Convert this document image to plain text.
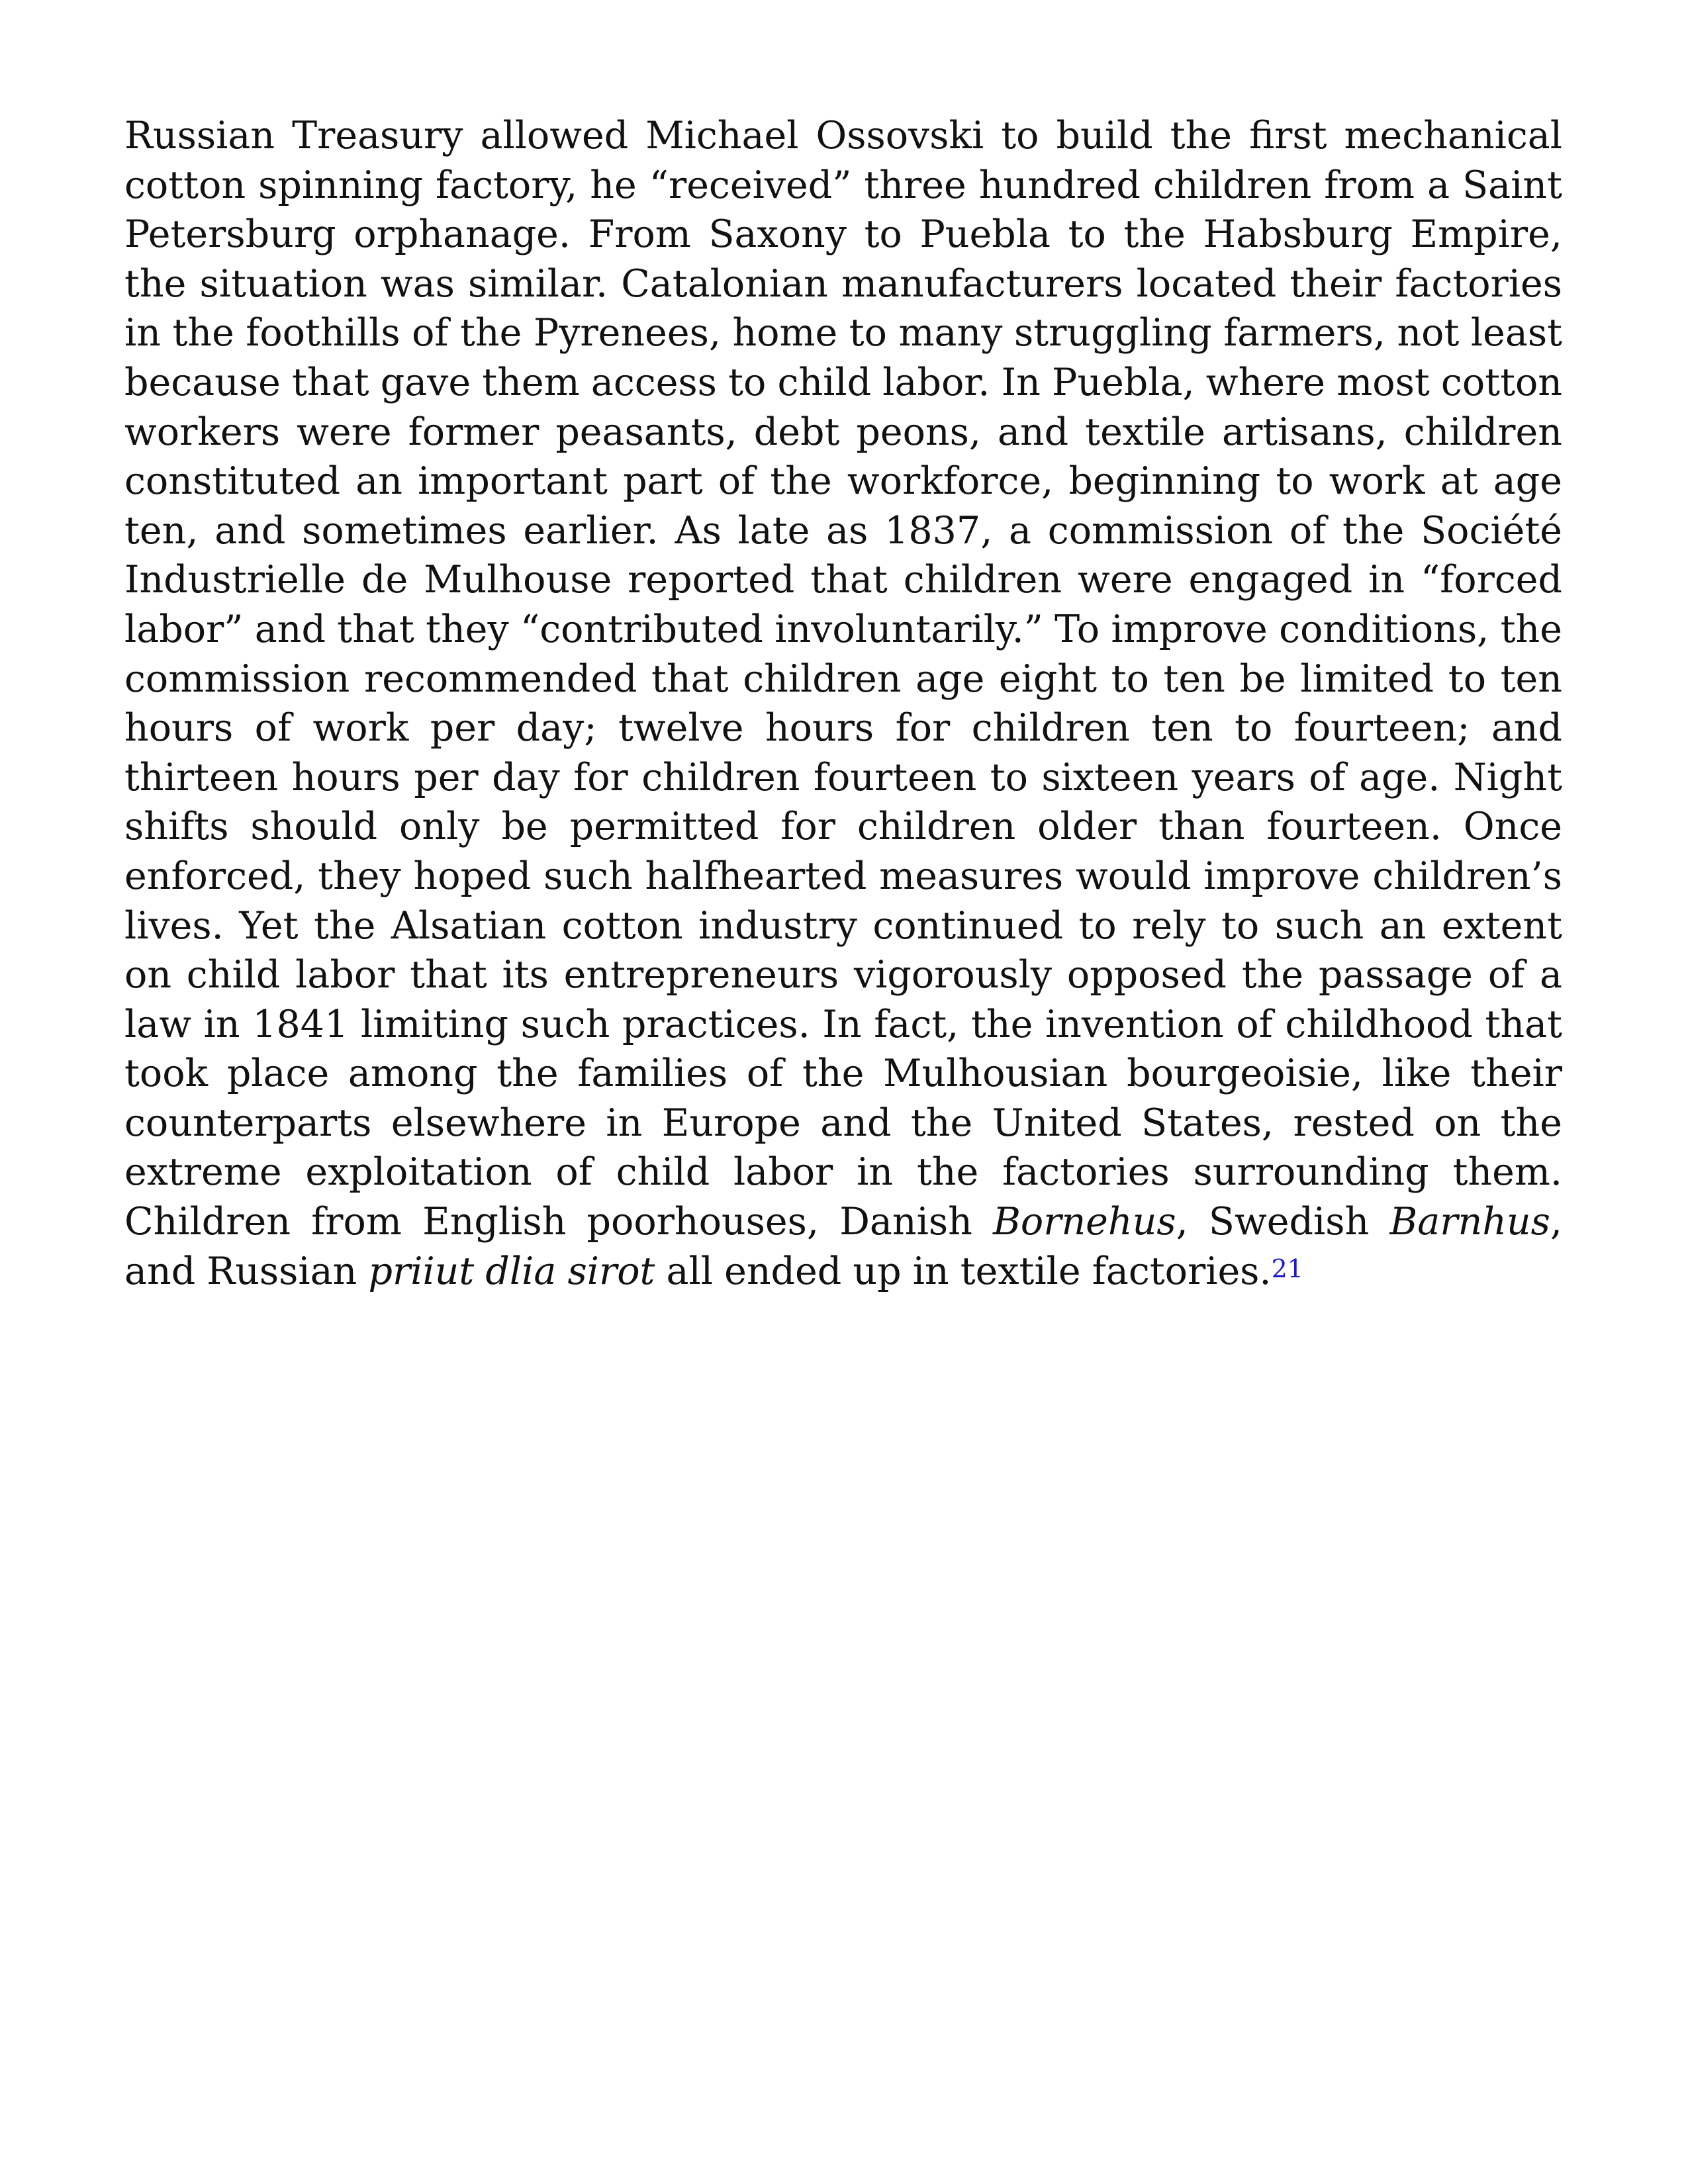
Russian Treasury allowed Michael Ossovski to build the first mechanical cotton spinning factory, he “received” three hundred children from a Saint Petersburg orphanage. From Saxony to Puebla to the Habsburg Empire, the situation was similar. Catalonian manufacturers located their factories in the foothills of the Pyrenees, home to many struggling farmers, not least because that gave them access to child labor. In Puebla, where most cotton workers were former peasants, debt peons, and textile artisans, children constituted an important part of the workforce, beginning to work at age ten, and sometimes earlier. As late as 1837, a commission of the Société Industrielle de Mulhouse reported that children were engaged in “forced labor” and that they “contributed involuntarily.” To improve conditions, the commission recommended that children age eight to ten be limited to ten hours of work per day; twelve hours for children ten to fourteen; and thirteen hours per day for children fourteen to sixteen years of age. Night shifts should only be permitted for children older than fourteen. Once enforced, they hoped such halfhearted measures would improve children’s lives. Yet the Alsatian cotton industry continued to rely to such an extent on child labor that its entrepreneurs vigorously opposed the passage of a law in 1841 limiting such practices. In fact, the invention of childhood that took place among the families of the Mulhousian bourgeoisie, like their counterparts elsewhere in Europe and the United States, rested on the extreme exploitation of child labor in the factories surrounding them. Children from English poorhouses, Danish Bornehus, Swedish Barnhus, and Russian priiut dlia sirot all ended up in textile factories.$^{21}$
